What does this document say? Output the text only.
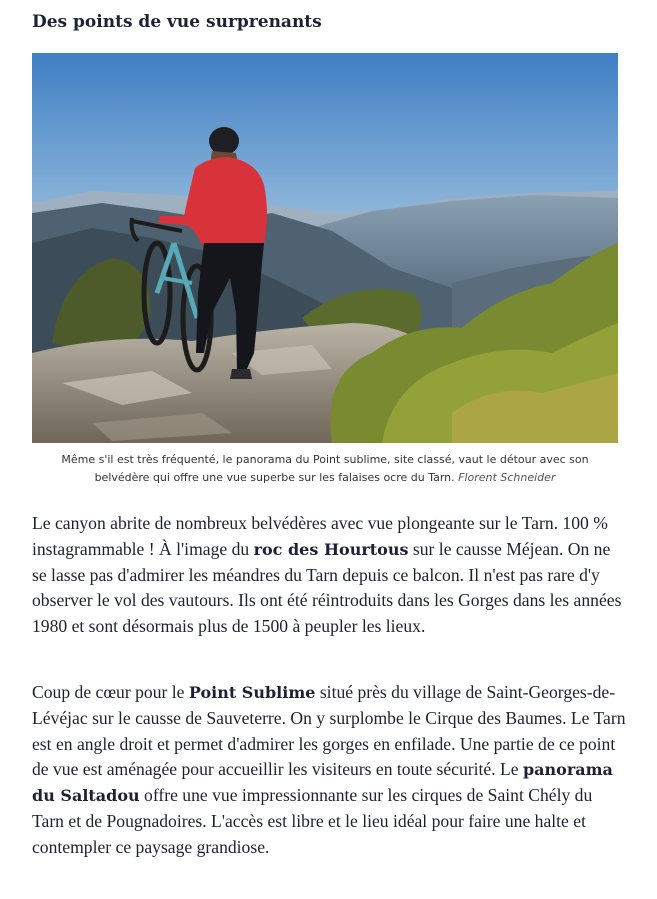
Des points de vue surprenants
Même s'il est très fréquenté, le panorama du Point sublime, site classé, vaut le détour avec son
belvédère qui offre une vue superbe sur les falaises ocre du Tarn. Florent Schneider

Le canyon abrite de nombreux belvédères avec vue plongeante sur le Tarn. 100 % instagrammable ! À l'image du roc des Hourtous sur le causse Méjean. On ne se lasse pas d'admirer les méandres du Tarn depuis ce balcon. Il n'est pas rare d'y observer le vol des vautours. Ils ont été réintroduits dans les Gorges dans les années 1980 et sont désormais plus de 1500 à peupler les lieux.

Coup de cœur pour le Point Sublime situé près du village de Saint-Georges-de-Lévéjac sur le causse de Sauveterre. On y surplombe le Cirque des Baumes. Le Tarn est en angle droit et permet d'admirer les gorges en enfilade. Une partie de ce point de vue est aménagée pour accueillir les visiteurs en toute sécurité. Le panorama du Saltadou offre une vue impressionnante sur les cirques de Saint Chély du Tarn et de Pougnadoires. L'accès est libre et le lieu idéal pour faire une halte et contempler ce paysage grandiose.
